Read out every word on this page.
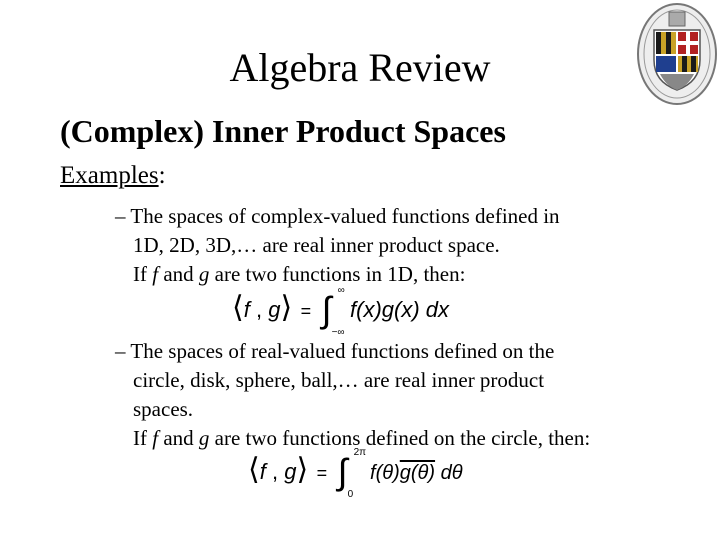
Algebra Review
(Complex) Inner Product Spaces
Examples:
– The spaces of complex-valued functions defined in
1D, 2D, 3D,… are real inner product space.
If f and g are two functions in 1D, then:
⟨f , g⟩ = ∫ ∞
−∞
f(x)g(x) dx
– The spaces of real-valued functions defined on the
circle, disk, sphere, ball,… are real inner product
spaces.
If f and g are two functions defined on the circle, then:
⟨f , g⟩ = ∫ 2π
0
f(θ)g(θ) dθ
